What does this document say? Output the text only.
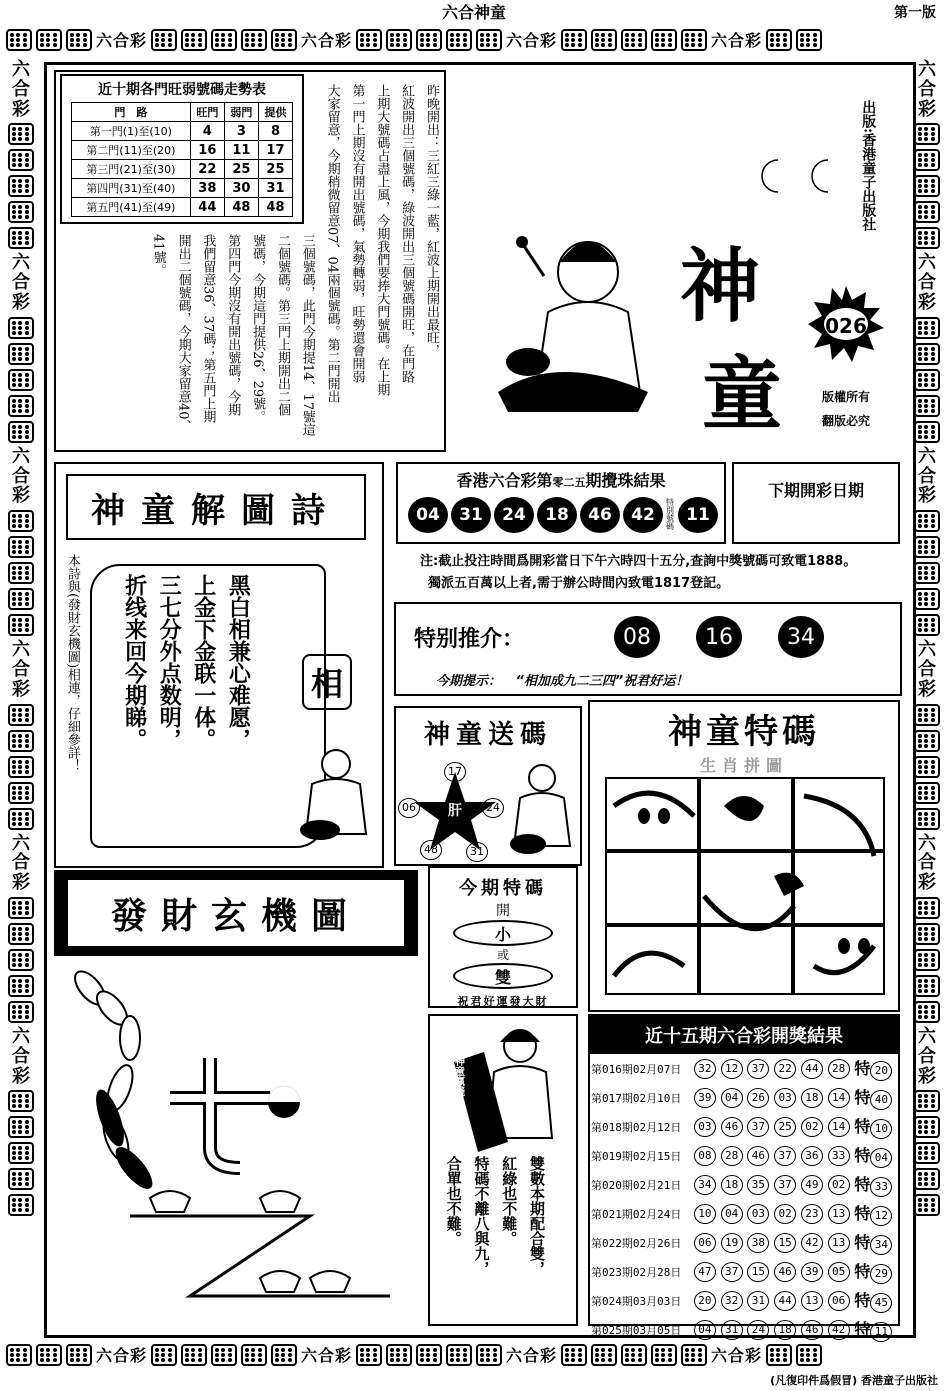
六合神童	第一版
六合彩	六合彩	六合彩	六合彩
六合彩	六合彩	六合彩	六合彩
六合彩
六合彩
六合彩
六合彩
六合彩
六合彩
六合彩
六合彩
六合彩
六合彩
六合彩
六合彩
近十期各門旺弱號碼走勢表
門　路	旺門	弱門	提供
第一門(1)至(10)	4	3	8
第二門(11)至(20)	16	11	17
第三門(21)至(30)	22	25	25
第四門(31)至(40)	38	30	31
第五門(41)至(49)	44	48	48	昨晚開出：三紅三綠一藍，紅波上期開出最旺，
紅波開出三個號碼，綠波開出三個號碼開旺，在門路
上期大號碼占盡上風，今期我們要捧大門號碼。在上期
第一門上期沒有開出號碼，氣勢轉弱，旺勢還會開弱
大家留意，今期稍微留意07、04兩個號碼。第二門開出
三個號碼，此門今期提14、17號這
二個號碼。第三門上期開出二個
號碼，今期這門提供26、29號。
第四門今期沒有開出號碼，今期
我們留意36、37碼；第五門上期
開出二個號碼，今期大家留意40、
41號。
出版:香港童子出版社
神
童
026
版權所有
翻版必究
香港六合彩第零二五期攪珠結果
04	31	24	18	46	42
特別號碼
11
下期開彩日期
注:截止投注時間爲開彩當日下午六時四十五分,查詢中獎號碼可致電1888。
獨派五百萬以上者,需于辦公時間內致電1817登記。
特别推介：	08 16 34
今期提示： “相加成九二三四”祝君好运！
神童解圖詩
本詩與(發財玄機圖)相連，仔細參詳！	黑白相兼心难愿，
上金下金联一体。
三七分外点数明，
折线来回今期睇。	相
神童送碼
肝
17
24
31
48
06
神童特碼
生肖拼圖
發財玄機圖
今期特碼
開
小
或
雙
祝君好運發大財
神童贏錢手
雙數本期配合雙，
紅綠也不難。
特碼不離八與九，
合單也不難。
近十五期六合彩開獎結果
第016期02月07日	32	12	37	22	44	28	特 20
第017期02月10日	39	04	26	03	18	14	特 40
第018期02月12日	03	46	37	25	02	14	特 10
第019期02月15日	08	28	46	37	36	33	特 04
第020期02月21日	34	18	35	37	49	02	特 33
第021期02月24日	10	04	03	02	23	13	特 12
第022期02月26日	06	19	38	15	42	13	特 34
第023期02月28日	47	37	15	46	39	05	特 29
第024期03月03日	20	32	31	44	13	06	特 45
第025期03月05日	04	31	24	18	46	42	特 11
(凡復印件爲假冒) 香港童子出版社
